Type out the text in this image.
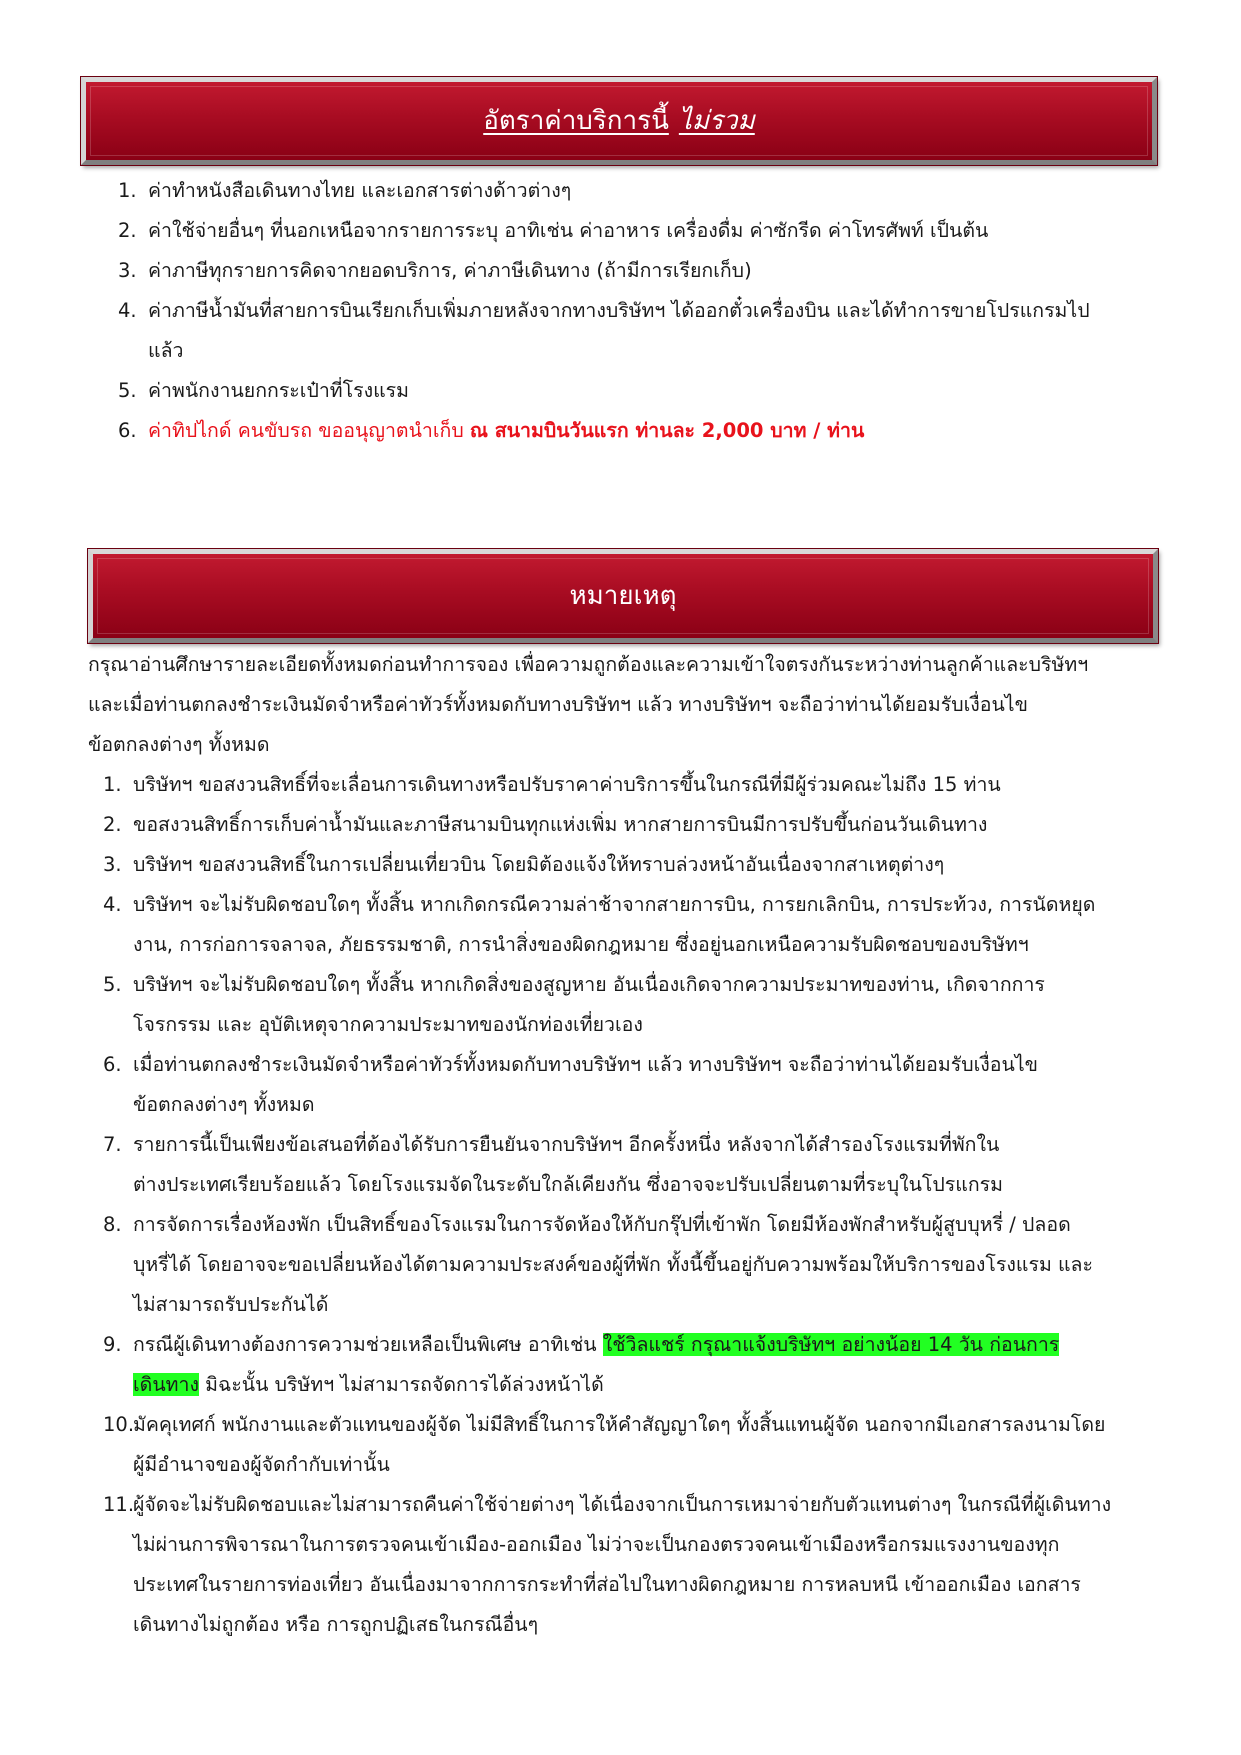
อัตราค่าบริการนี้ ไม่รวม
1. ค่าทำหนังสือเดินทางไทย และเอกสารต่างด้าวต่างๆ
2. ค่าใช้จ่ายอื่นๆ ที่นอกเหนือจากรายการระบุ อาทิเช่น ค่าอาหาร เครื่องดื่ม ค่าซักรีด ค่าโทรศัพท์ เป็นต้น
3. ค่าภาษีทุกรายการคิดจากยอดบริการ, ค่าภาษีเดินทาง (ถ้ามีการเรียกเก็บ)
4. ค่าภาษีน้ำมันที่สายการบินเรียกเก็บเพิ่มภายหลังจากทางบริษัทฯ ได้ออกตั๋วเครื่องบิน และได้ทำการขายโปรแกรมไป
แล้ว
5. ค่าพนักงานยกกระเป๋าที่โรงแรม
6. ค่าทิปไกด์ คนขับรถ ขออนุญาตนำเก็บ ณ สนามบินวันแรก ท่านละ 2,000 บาท / ท่าน
หมายเหตุ

กรุณาอ่านศึกษารายละเอียดทั้งหมดก่อนทำการจอง เพื่อความถูกต้องและความเข้าใจตรงกันระหว่างท่านลูกค้าและบริษัทฯ
และเมื่อท่านตกลงชำระเงินมัดจำหรือค่าทัวร์ทั้งหมดกับทางบริษัทฯ แล้ว ทางบริษัทฯ จะถือว่าท่านได้ยอมรับเงื่อนไข
ข้อตกลงต่างๆ ทั้งหมด

1. บริษัทฯ ขอสงวนสิทธิ์ที่จะเลื่อนการเดินทางหรือปรับราคาค่าบริการขึ้นในกรณีที่มีผู้ร่วมคณะไม่ถึง 15 ท่าน
2. ขอสงวนสิทธิ์การเก็บค่าน้ำมันและภาษีสนามบินทุกแห่งเพิ่ม หากสายการบินมีการปรับขึ้นก่อนวันเดินทาง
3. บริษัทฯ ขอสงวนสิทธิ์ในการเปลี่ยนเที่ยวบิน โดยมิต้องแจ้งให้ทราบล่วงหน้าอันเนื่องจากสาเหตุต่างๆ
4. บริษัทฯ จะไม่รับผิดชอบใดๆ ทั้งสิ้น หากเกิดกรณีความล่าช้าจากสายการบิน, การยกเลิกบิน, การประท้วง, การนัดหยุด
งาน, การก่อการจลาจล, ภัยธรรมชาติ, การนำสิ่งของผิดกฎหมาย ซึ่งอยู่นอกเหนือความรับผิดชอบของบริษัทฯ
5. บริษัทฯ จะไม่รับผิดชอบใดๆ ทั้งสิ้น หากเกิดสิ่งของสูญหาย อันเนื่องเกิดจากความประมาทของท่าน, เกิดจากการ
โจรกรรม และ อุบัติเหตุจากความประมาทของนักท่องเที่ยวเอง
6. เมื่อท่านตกลงชำระเงินมัดจำหรือค่าทัวร์ทั้งหมดกับทางบริษัทฯ แล้ว ทางบริษัทฯ จะถือว่าท่านได้ยอมรับเงื่อนไข
ข้อตกลงต่างๆ ทั้งหมด
7. รายการนี้เป็นเพียงข้อเสนอที่ต้องได้รับการยืนยันจากบริษัทฯ อีกครั้งหนึ่ง หลังจากได้สำรองโรงแรมที่พักใน
ต่างประเทศเรียบร้อยแล้ว โดยโรงแรมจัดในระดับใกล้เคียงกัน ซึ่งอาจจะปรับเปลี่ยนตามที่ระบุในโปรแกรม
8. การจัดการเรื่องห้องพัก เป็นสิทธิ์ของโรงแรมในการจัดห้องให้กับกรุ๊ปที่เข้าพัก โดยมีห้องพักสำหรับผู้สูบบุหรี่ / ปลอด
บุหรี่ได้ โดยอาจจะขอเปลี่ยนห้องได้ตามความประสงค์ของผู้ที่พัก ทั้งนี้ขึ้นอยู่กับความพร้อมให้บริการของโรงแรม และ
ไม่สามารถรับประกันได้
9. กรณีผู้เดินทางต้องการความช่วยเหลือเป็นพิเศษ อาทิเช่น ใช้วิลแชร์ กรุณาแจ้งบริษัทฯ อย่างน้อย 14 วัน ก่อนการ
เดินทาง มิฉะนั้น บริษัทฯ ไม่สามารถจัดการได้ล่วงหน้าได้
10.
มัคคุเทศก์ พนักงานและตัวแทนของผู้จัด ไม่มีสิทธิ์ในการให้คำสัญญาใดๆ ทั้งสิ้นแทนผู้จัด นอกจากมีเอกสารลงนามโดย
ผู้มีอำนาจของผู้จัดกำกับเท่านั้น
11.
ผู้จัดจะไม่รับผิดชอบและไม่สามารถคืนค่าใช้จ่ายต่างๆ ได้เนื่องจากเป็นการเหมาจ่ายกับตัวแทนต่างๆ ในกรณีที่ผู้เดินทาง
ไม่ผ่านการพิจารณาในการตรวจคนเข้าเมือง-ออกเมือง ไม่ว่าจะเป็นกองตรวจคนเข้าเมืองหรือกรมแรงงานของทุก
ประเทศในรายการท่องเที่ยว อันเนื่องมาจากการกระทำที่ส่อไปในทางผิดกฎหมาย การหลบหนี เข้าออกเมือง เอกสาร
เดินทางไม่ถูกต้อง หรือ การถูกปฏิเสธในกรณีอื่นๆ
